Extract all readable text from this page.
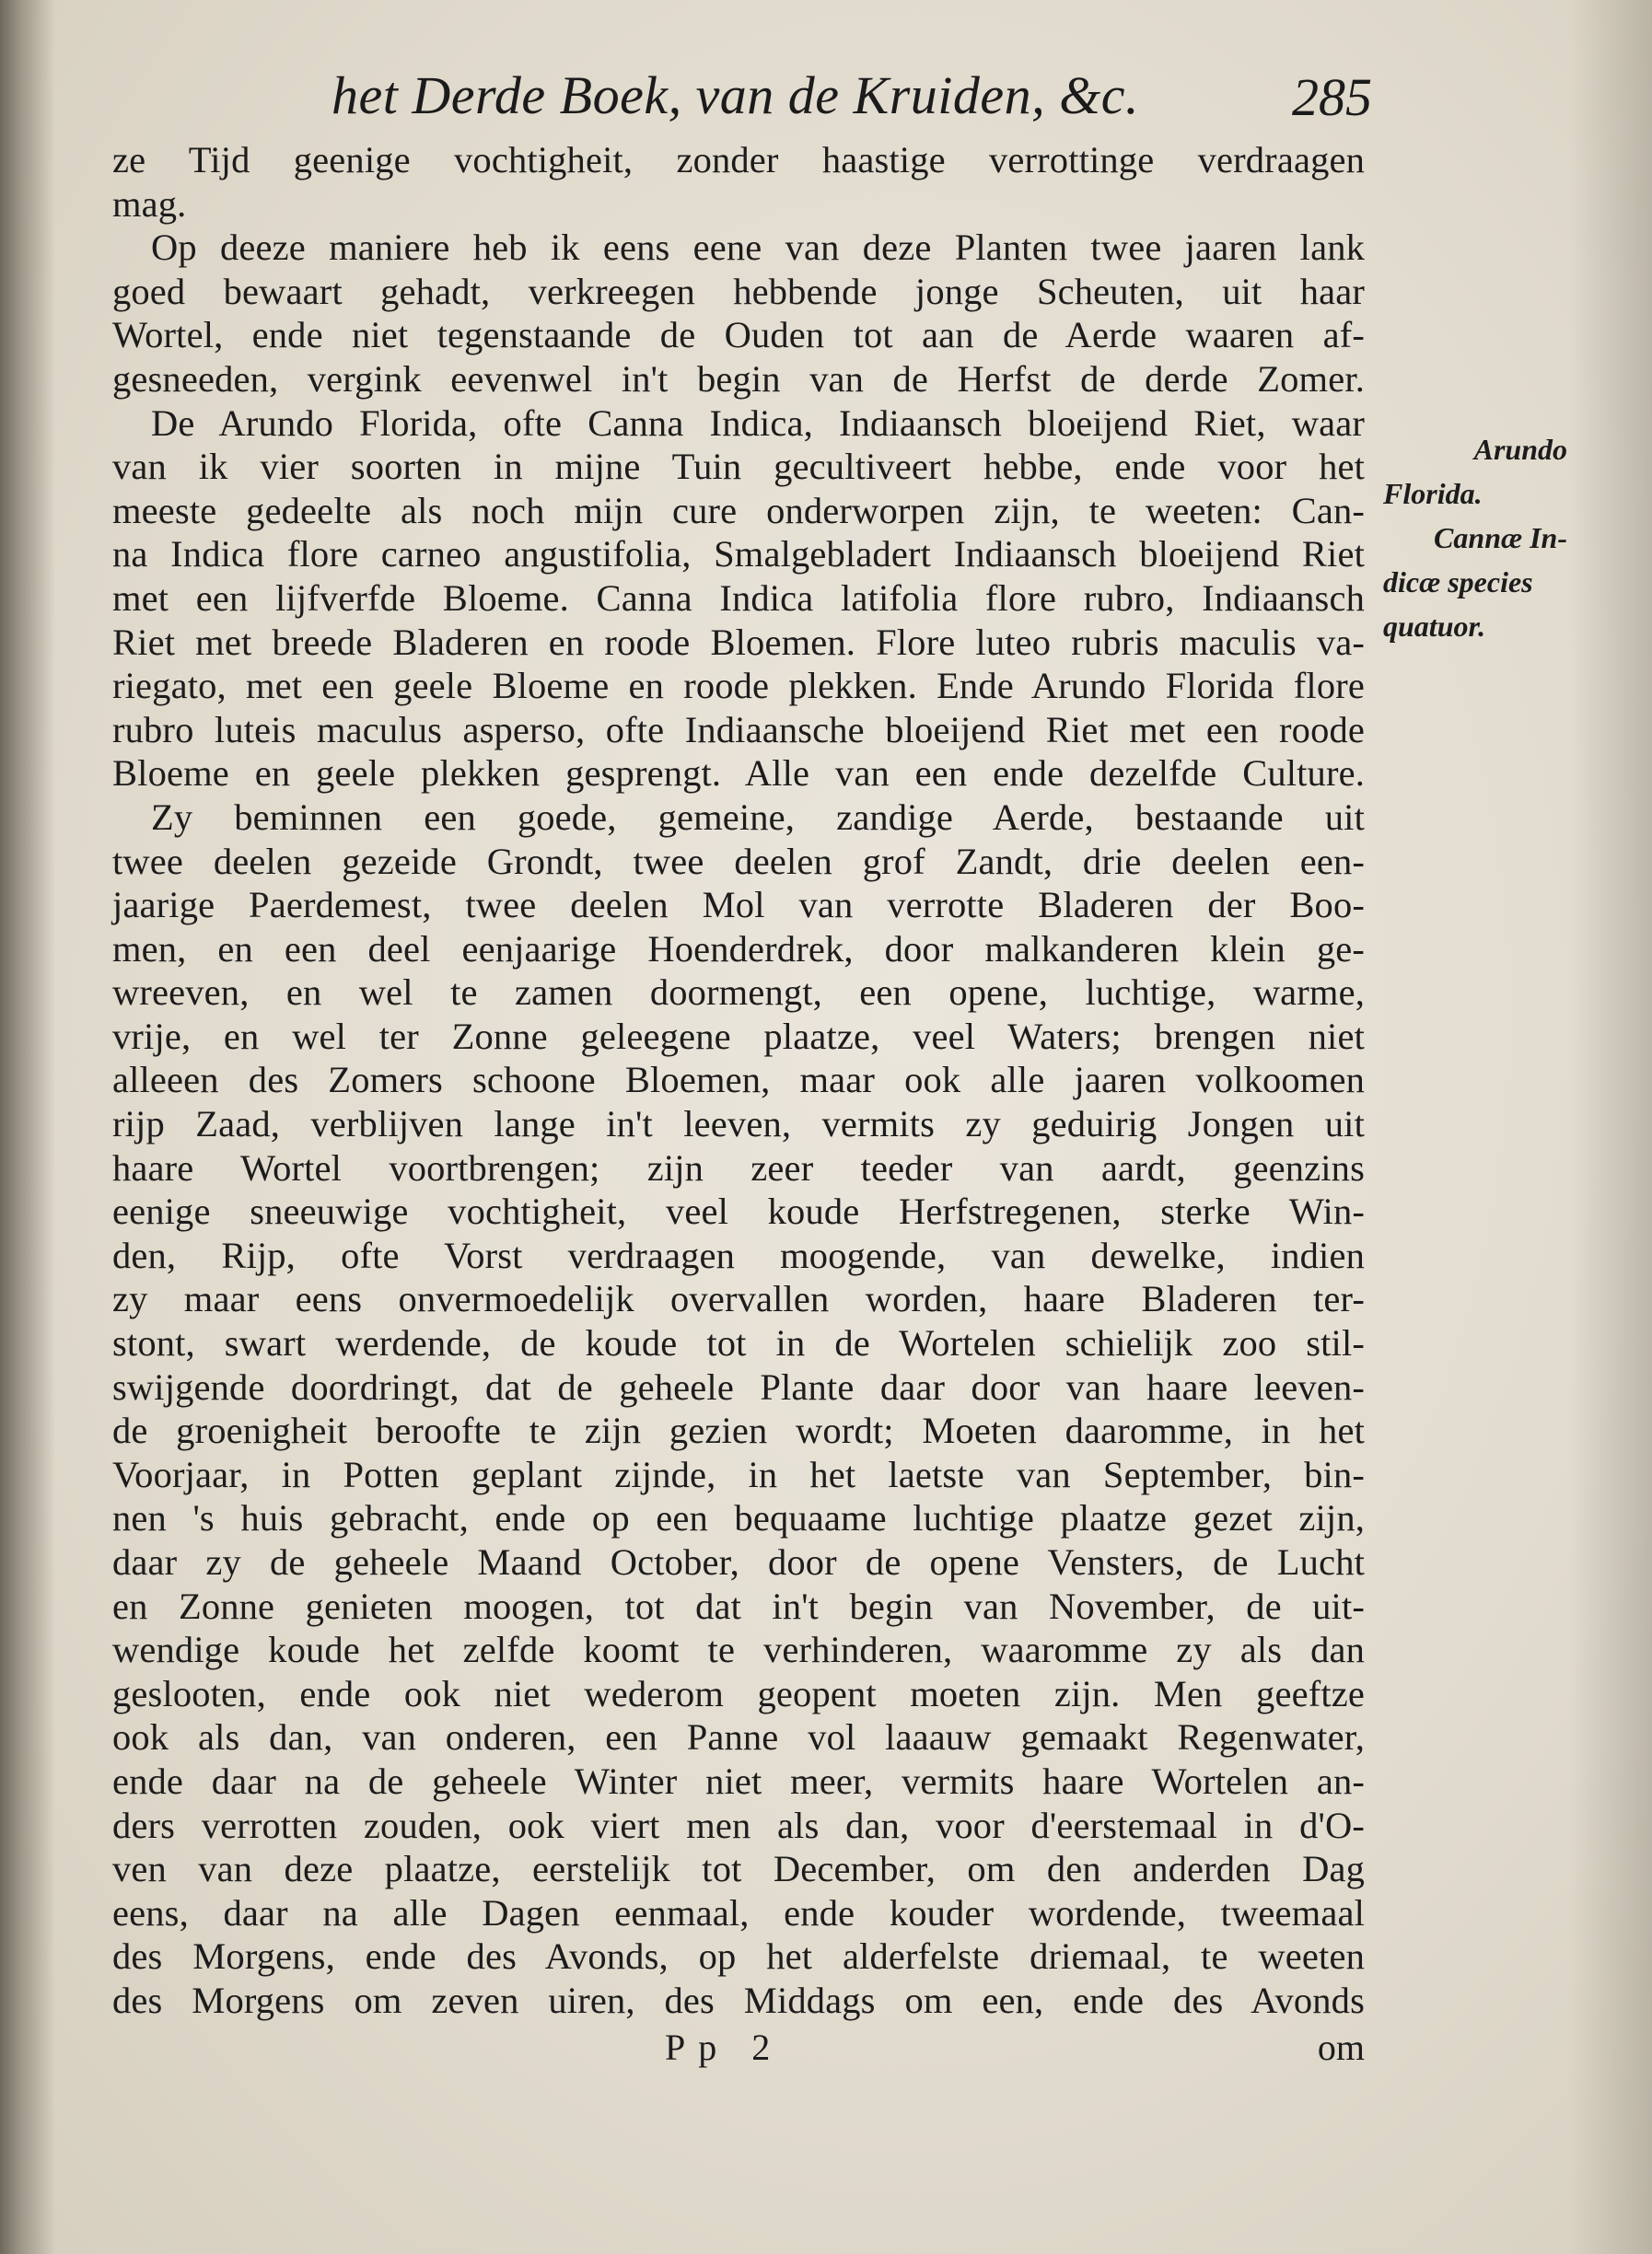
het Derde Boek, van de Kruiden, &c.	285
ze Tijd geenige vochtigheit, zonder haastige verrottinge verdraagen
mag.
Op deeze maniere heb ik eens eene van deze Planten twee jaaren lank
goed bewaart gehadt, verkreegen hebbende jonge Scheuten, uit haar
Wortel, ende niet tegenstaande de Ouden tot aan de Aerde waaren af-
gesneeden, vergink eevenwel in't begin van de Herfst de derde Zomer.
De Arundo Florida, ofte Canna Indica, Indiaansch bloeijend Riet, waar
van ik vier soorten in mijne Tuin gecultiveert hebbe, ende voor het
meeste gedeelte als noch mijn cure onderworpen zijn, te weeten: Can-
na Indica flore carneo angustifolia, Smalgebladert Indiaansch bloeijend Riet
met een lijfverfde Bloeme. Canna Indica latifolia flore rubro, Indiaansch
Riet met breede Bladeren en roode Bloemen. Flore luteo rubris maculis va-
riegato, met een geele Bloeme en roode plekken. Ende Arundo Florida flore
rubro luteis maculus asperso, ofte Indiaansche bloeijend Riet met een roode
Bloeme en geele plekken gesprengt. Alle van een ende dezelfde Culture.
Zy beminnen een goede, gemeine, zandige Aerde, bestaande uit
twee deelen gezeide Grondt, twee deelen grof Zandt, drie deelen een-
jaarige Paerdemest, twee deelen Mol van verrotte Bladeren der Boo-
men, en een deel eenjaarige Hoenderdrek, door malkanderen klein ge-
wreeven, en wel te zamen doormengt, een opene, luchtige, warme,
vrije, en wel ter Zonne geleegene plaatze, veel Waters; brengen niet
alleeen des Zomers schoone Bloemen, maar ook alle jaaren volkoomen
rijp Zaad, verblijven lange in't leeven, vermits zy geduirig Jongen uit
haare Wortel voortbrengen; zijn zeer teeder van aardt, geenzins
eenige sneeuwige vochtigheit, veel koude Herfstregenen, sterke Win-
den, Rijp, ofte Vorst verdraagen moogende, van dewelke, indien
zy maar eens onvermoedelijk overvallen worden, haare Bladeren ter-
stont, swart werdende, de koude tot in de Wortelen schielijk zoo stil-
swijgende doordringt, dat de geheele Plante daar door van haare leeven-
de groenigheit beroofte te zijn gezien wordt; Moeten daaromme, in het
Voorjaar, in Potten geplant zijnde, in het laetste van September, bin-
nen 's huis gebracht, ende op een bequaame luchtige plaatze gezet zijn,
daar zy de geheele Maand October, door de opene Vensters, de Lucht
en Zonne genieten moogen, tot dat in't begin van November, de uit-
wendige koude het zelfde koomt te verhinderen, waaromme zy als dan
geslooten, ende ook niet wederom geopent moeten zijn. Men geeftze
ook als dan, van onderen, een Panne vol laaauw gemaakt Regenwater,
ende daar na de geheele Winter niet meer, vermits haare Wortelen an-
ders verrotten zouden, ook viert men als dan, voor d'eerstemaal in d'O-
ven van deze plaatze, eerstelijk tot December, om den anderden Dag
eens, daar na alle Dagen eenmaal, ende kouder wordende, tweemaal
des Morgens, ende des Avonds, op het alderfelste driemaal, te weeten
des Morgens om zeven uiren, des Middags om een, ende des Avonds
Arundo
Florida.
Cannæ In-
dicæ species
quatuor.
Pp 2	om
